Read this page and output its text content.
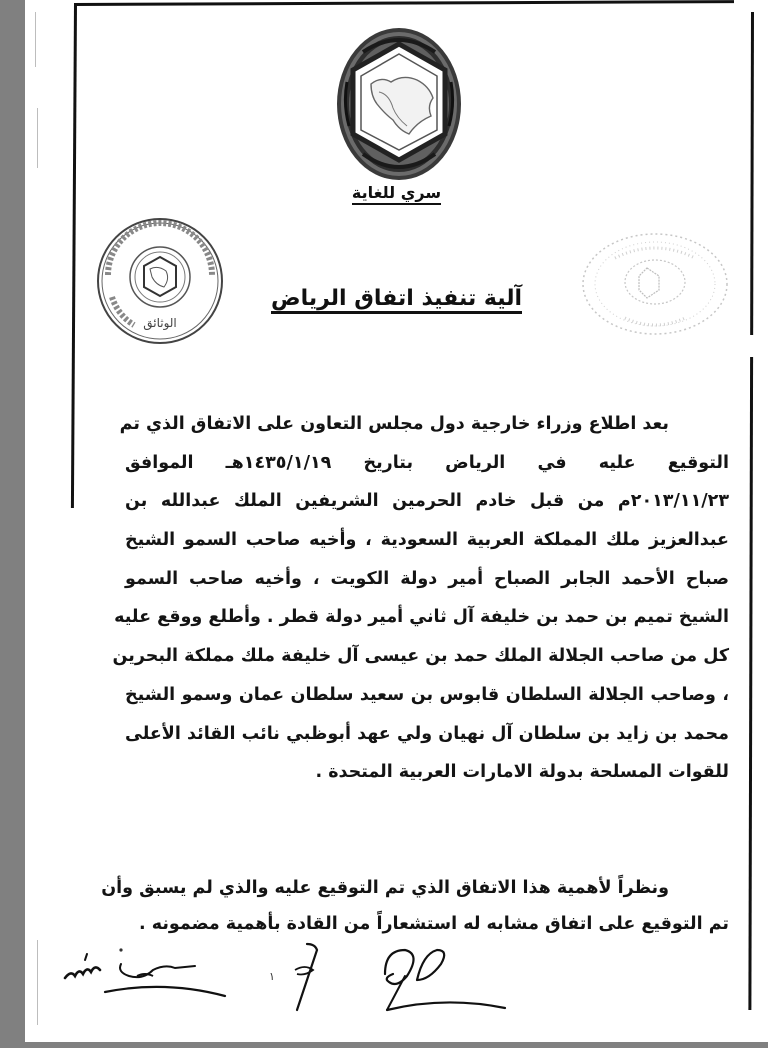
سري للغاية
الوثائق
آلية تنفيذ اتفاق الرياض
بعد اطلاع وزراء خارجية دول مجلس التعاون على الاتفاق الذي تم
التوقيع عليه في الرياض بتاريخ ١٤٣٥/١/١٩هـ الموافق
٢٠١٣/١١/٢٣م من قبل خادم الحرمين الشريفين الملك عبدالله بن
عبدالعزيز ملك المملكة العربية السعودية ، وأخيه صاحب السمو الشيخ
صباح الأحمد الجابر الصباح أمير دولة الكويت ، وأخيه صاحب السمو
الشيخ تميم بن حمد بن خليفة آل ثاني أمير دولة قطر . وأطلع ووقع عليه
كل من صاحب الجلالة الملك حمد بن عيسى آل خليفة ملك مملكة البحرين
، وصاحب الجلالة السلطان قابوس بن سعيد سلطان عمان وسمو الشيخ
محمد بن زايد بن سلطان آل نهيان ولي عهد أبوظبي نائب القائد الأعلى
للقوات المسلحة بدولة الامارات العربية المتحدة .
ونظراً لأهمية هذا الاتفاق الذي تم التوقيع عليه والذي لم يسبق وأن
تم التوقيع على اتفاق مشابه له استشعاراً من القادة بأهمية مضمونه .
١
